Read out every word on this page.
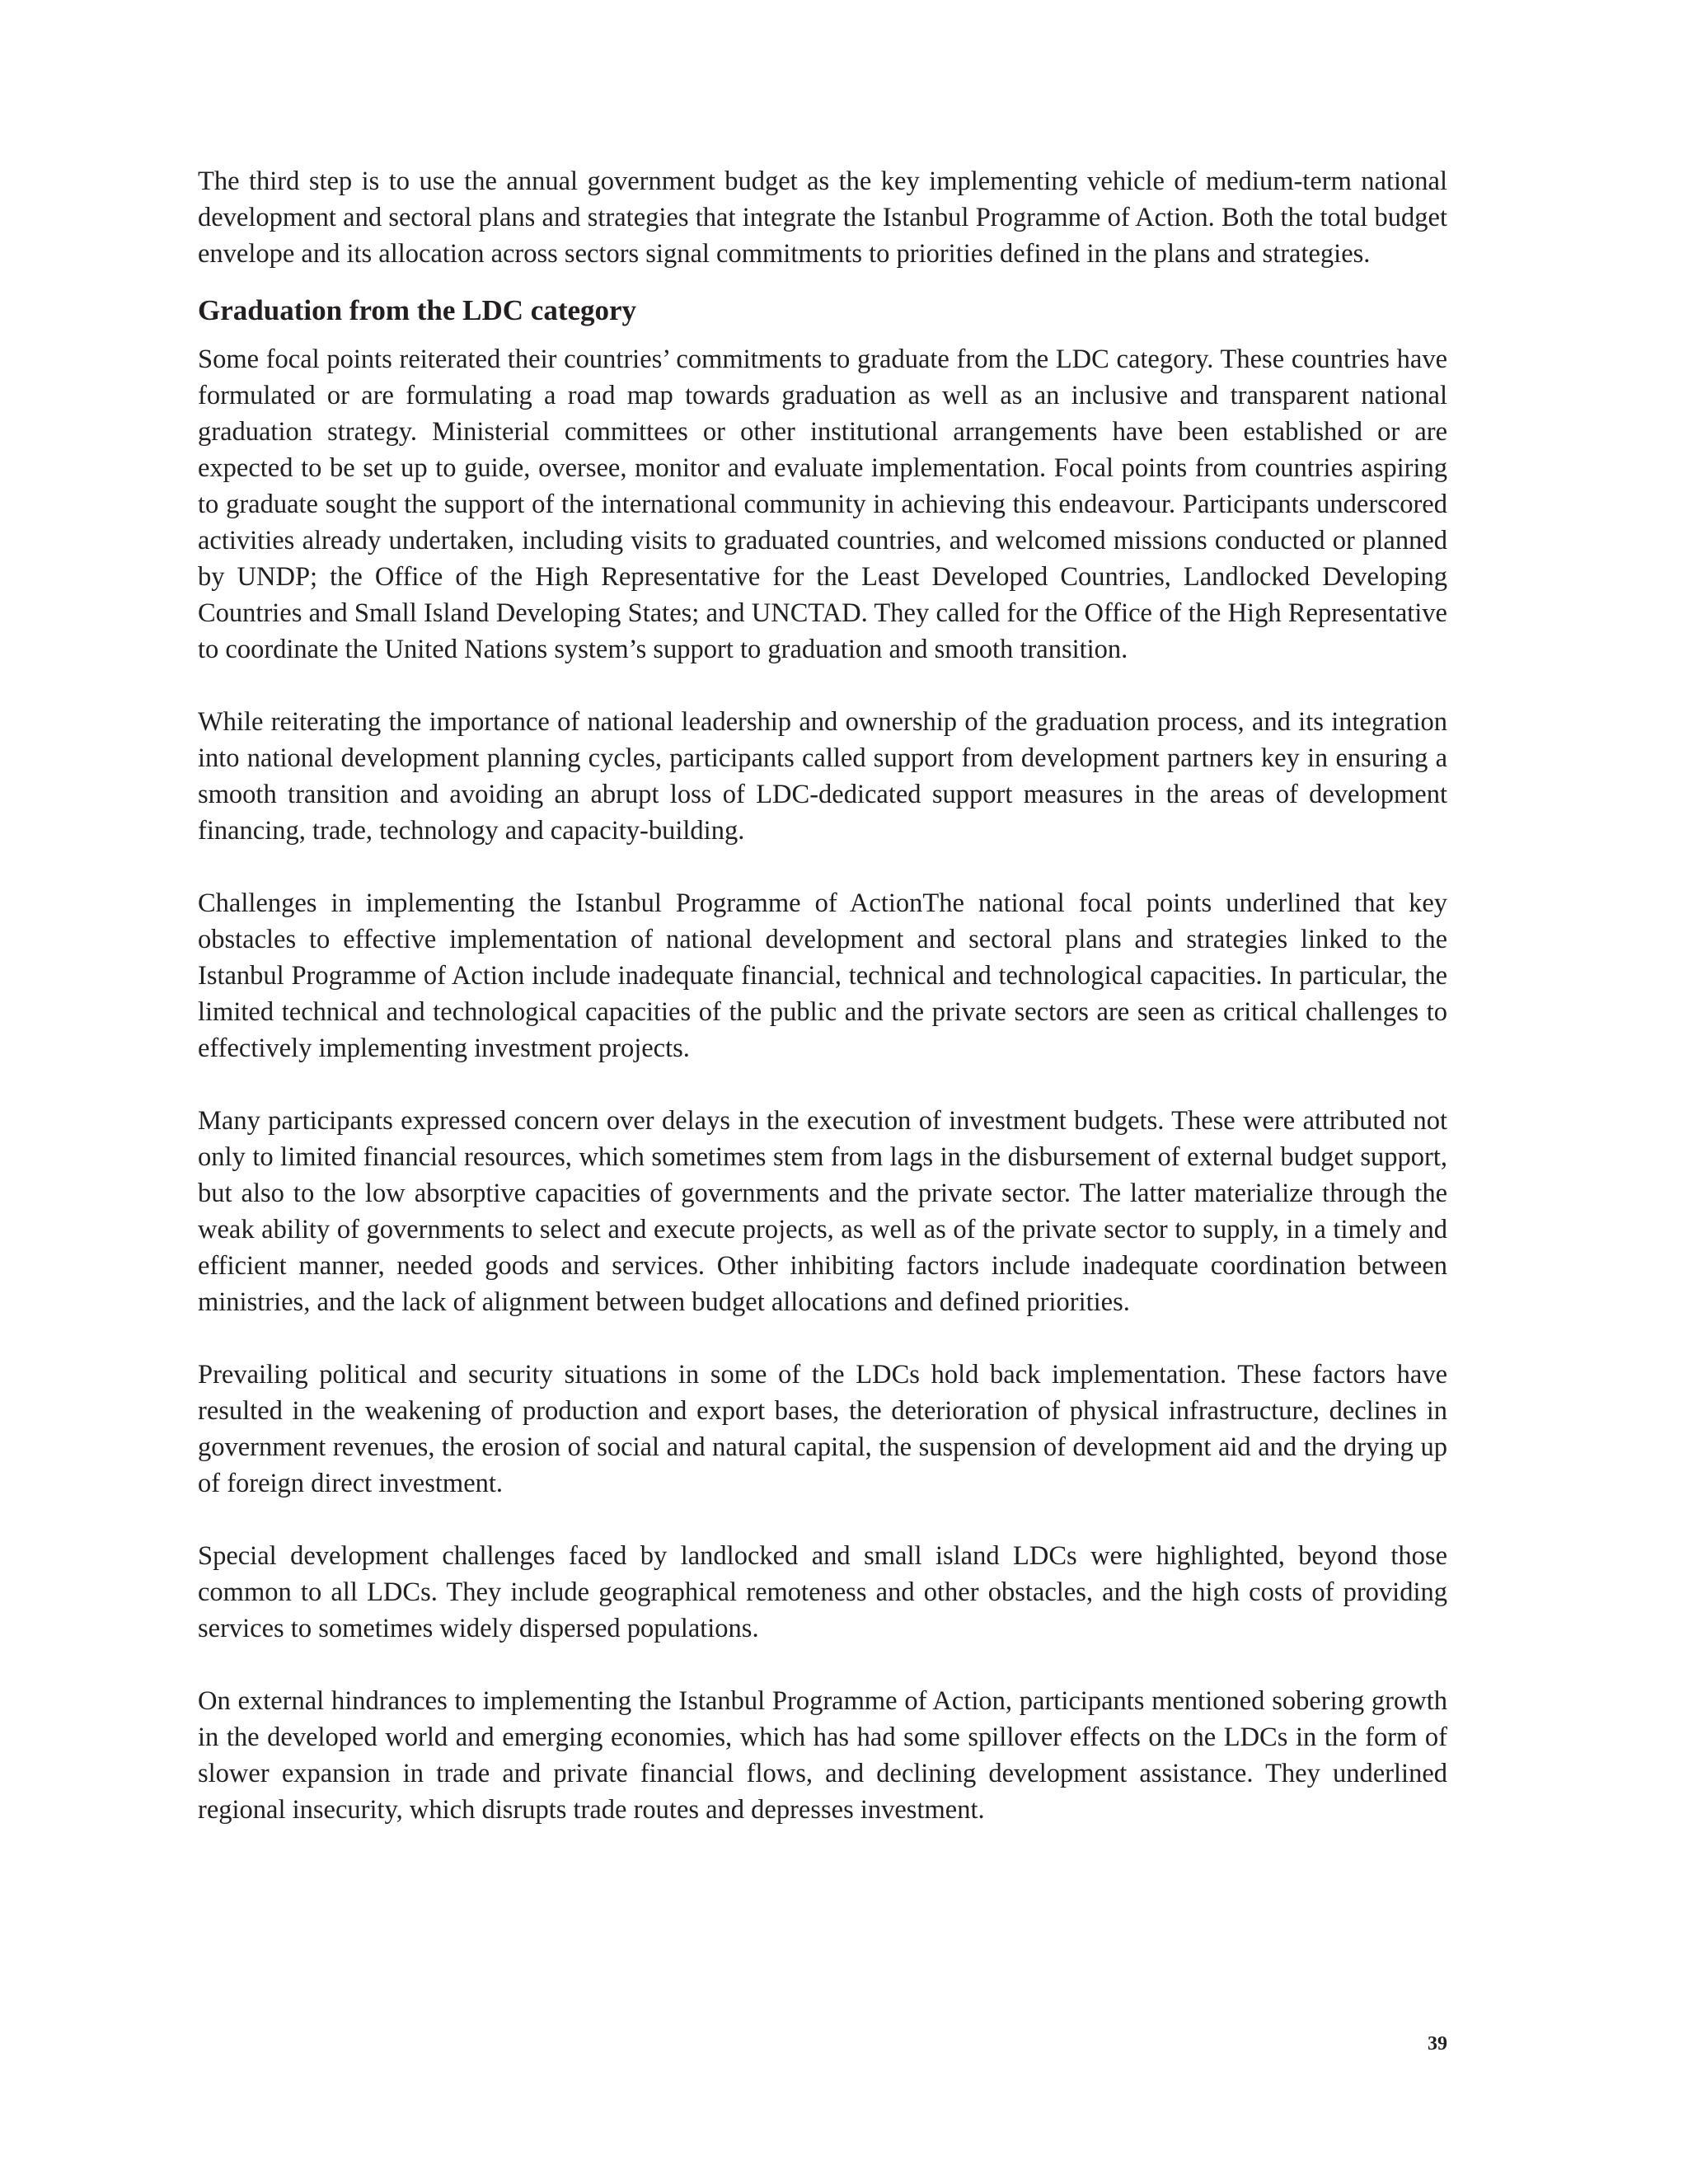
The third step is to use the annual government budget as the key implementing vehicle of medium-term national development and sectoral plans and strategies that integrate the Istanbul Programme of Action. Both the total budget envelope and its allocation across sectors signal commitments to priorities defined in the plans and strategies.

Graduation from the LDC category

Some focal points reiterated their countries’ commitments to graduate from the LDC category. These countries have formulated or are formulating a road map towards graduation as well as an inclusive and transparent national graduation strategy. Ministerial committees or other institutional arrangements have been established or are expected to be set up to guide, oversee, monitor and evaluate implementation. Focal points from countries aspiring to graduate sought the support of the international community in achieving this endeavour. Participants underscored activities already undertaken, including visits to graduated countries, and welcomed missions conducted or planned by UNDP; the Office of the High Representative for the Least Developed Countries, Landlocked Developing Countries and Small Island Developing States; and UNCTAD. They called for the Office of the High Representative to coordinate the United Nations system’s support to graduation and smooth transition.

While reiterating the importance of national leadership and ownership of the graduation process, and its integration into national development planning cycles, participants called support from development partners key in ensuring a smooth transition and avoiding an abrupt loss of LDC-dedicated support measures in the areas of development financing, trade, technology and capacity-building.

Challenges in implementing the Istanbul Programme of ActionThe national focal points underlined that key obstacles to effective implementation of national development and sectoral plans and strategies linked to the Istanbul Programme of Action include inadequate financial, technical and technological capacities. In particular, the limited technical and technological capacities of the public and the private sectors are seen as critical challenges to effectively implementing investment projects.

Many participants expressed concern over delays in the execution of investment budgets. These were attributed not only to limited financial resources, which sometimes stem from lags in the disbursement of external budget support, but also to the low absorptive capacities of governments and the private sector. The latter materialize through the weak ability of governments to select and execute projects, as well as of the private sector to supply, in a timely and efficient manner, needed goods and services. Other inhibiting factors include inadequate coordination between ministries, and the lack of alignment between budget allocations and defined priorities.

Prevailing political and security situations in some of the LDCs hold back implementation. These factors have resulted in the weakening of production and export bases, the deterioration of physical infrastructure, declines in government revenues, the erosion of social and natural capital, the suspension of development aid and the drying up of foreign direct investment.

Special development challenges faced by landlocked and small island LDCs were highlighted, beyond those common to all LDCs. They include geographical remoteness and other obstacles, and the high costs of providing services to sometimes widely dispersed populations.

On external hindrances to implementing the Istanbul Programme of Action, participants mentioned sobering growth in the developed world and emerging economies, which has had some spillover effects on the LDCs in the form of slower expansion in trade and private financial flows, and declining development assistance. They underlined regional insecurity, which disrupts trade routes and depresses investment.

39
